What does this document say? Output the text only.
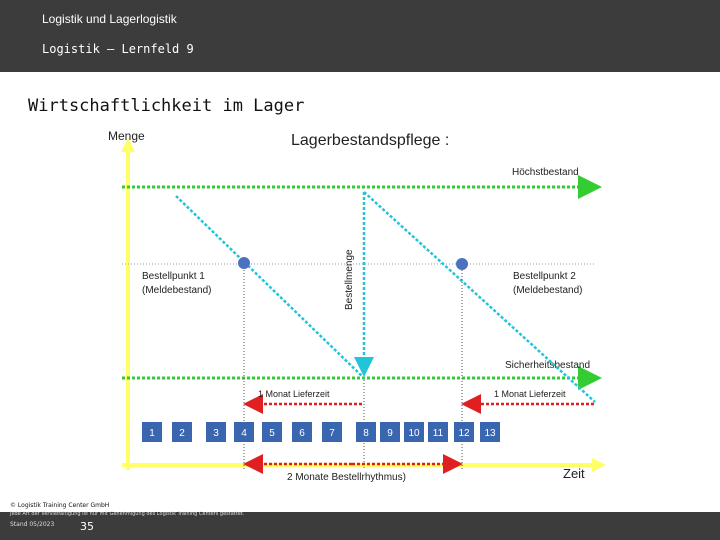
Logistik und Lagerlogistik
Logistik – Lernfeld 9
Wirtschaftlichkeit im Lager
Menge
Zeit
Lagerbestandspflege :
Höchstbestand
Sicherheitsbestand
Bestellmenge
Bestellpunkt 1
(Meldebestand)
Bestellpunkt 2
(Meldebestand)
1 Monat Lieferzeit	1 Monat Lieferzeit
1 2	3 4 5 6 7	8 9 10 11 12 13
2 Monate Bestellrhythmus)
© Logistik Training Center GmbH
Jede Art der Vervielfältigung ist nur mit Genehmigung des Logistik Training Centers gestattet.
Stand 05/2023 35
